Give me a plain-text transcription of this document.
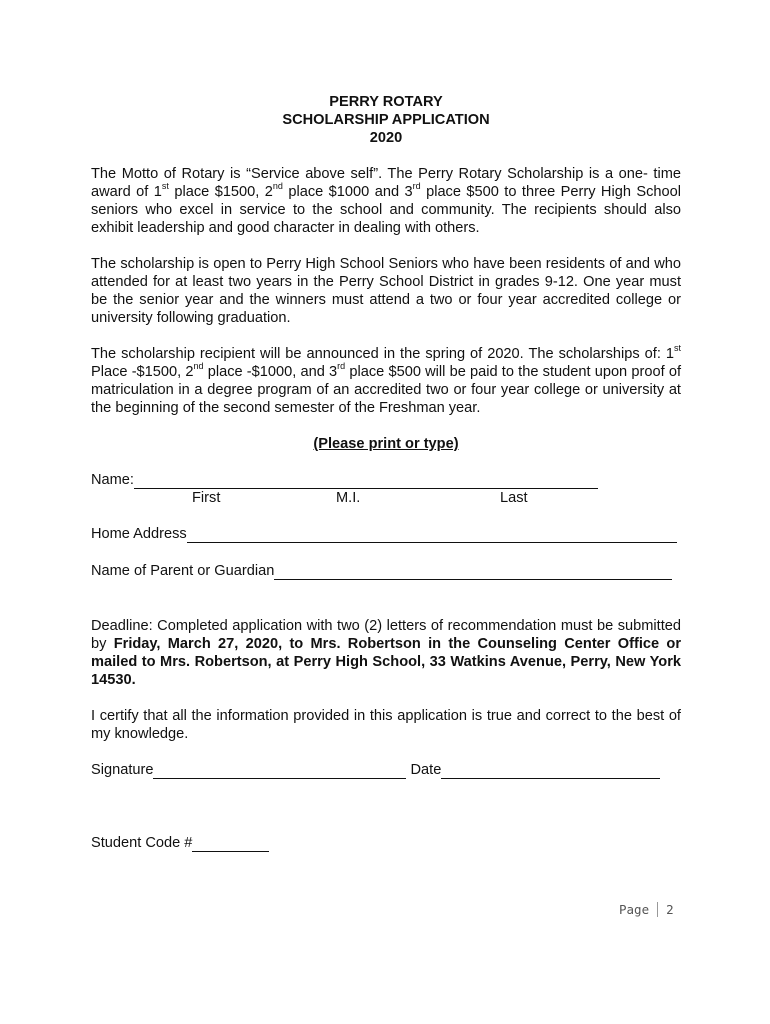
PERRY ROTARY
SCHOLARSHIP APPLICATION
2020

The Motto of Rotary is “Service above self”. The Perry Rotary Scholarship is a one- time award of 1st place $1500, 2nd place $1000 and 3rd place $500 to three Perry High School seniors who excel in service to the school and community. The recipients should also exhibit leadership and good character in dealing with others.

The scholarship is open to Perry High School Seniors who have been residents of and who attended for at least two years in the Perry School District in grades 9-12. One year must be the senior year and the winners must attend a two or four year accredited college or university following graduation.

The scholarship recipient will be announced in the spring of 2020. The scholarships of: 1st Place -$1500, 2nd place -$1000, and 3rd place $500 will be paid to the student upon proof of matriculation in a degree program of an accredited two or four year college or university at the beginning of the second semester of the Freshman year.

(Please print or type)
Name:
First	M.I.	Last
Home Address
Name of Parent or Guardian

Deadline: Completed application with two (2) letters of recommendation must be submitted by Friday, March 27, 2020, to Mrs. Robertson in the Counseling Center Office or mailed to Mrs. Robertson, at Perry High School, 33 Watkins Avenue, Perry, New York 14530.

I certify that all the information provided in this application is true and correct to the best of my knowledge.

Signature	Date
Student Code #
Page 2
